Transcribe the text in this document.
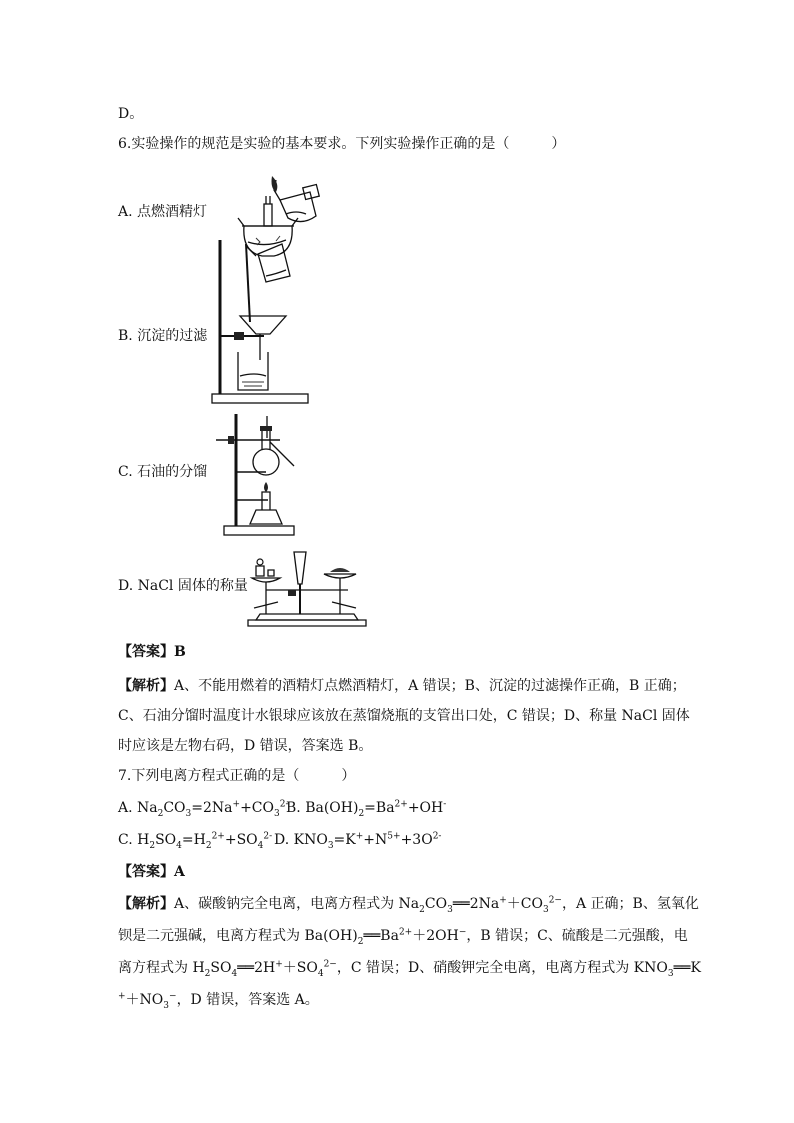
D。
6.实验操作的规范是实验的基本要求。下列实验操作正确的是（　　　）
A. 点燃酒精灯
B. 沉淀的过滤
C. 石油的分馏
D. NaCl 固体的称量
【答案】B
【解析】A、不能用燃着的酒精灯点燃酒精灯，A 错误；B、沉淀的过滤操作正确，B 正确；
C、石油分馏时温度计水银球应该放在蒸馏烧瓶的支管出口处，C 错误；D、称量 NaCl 固体
时应该是左物右码，D 错误，答案选 B。
7.下列电离方程式正确的是（　　　）
A. $Na_2CO_3=2Na^++CO_3^{2-}$
B. $Ba(OH)_2=Ba^{2+}+OH^-$
C. $H_2SO_4=H_2^{2+}+SO_4^{2-}$ D. $KNO_3=K^++N^{5+}+3O^{2-}$
【答案】A
【解析】A、碳酸钠完全电离，电离方程式为 $Na_2CO_3══2Na^++CO_3^{2-}$，A 正确；B、氢氧化
钡是二元强碱，电离方程式为 $Ba(OH)_2══Ba^{2+}+2OH^-$，B 错误；C、硫酸是二元强酸，电
离方程式为 $H_2SO_4══2H^++SO_4^{2-}$，C 错误；D、硝酸钾完全电离，电离方程式为 $KNO_3══K$
$^++NO_3^-$，D 错误，答案选 A。
